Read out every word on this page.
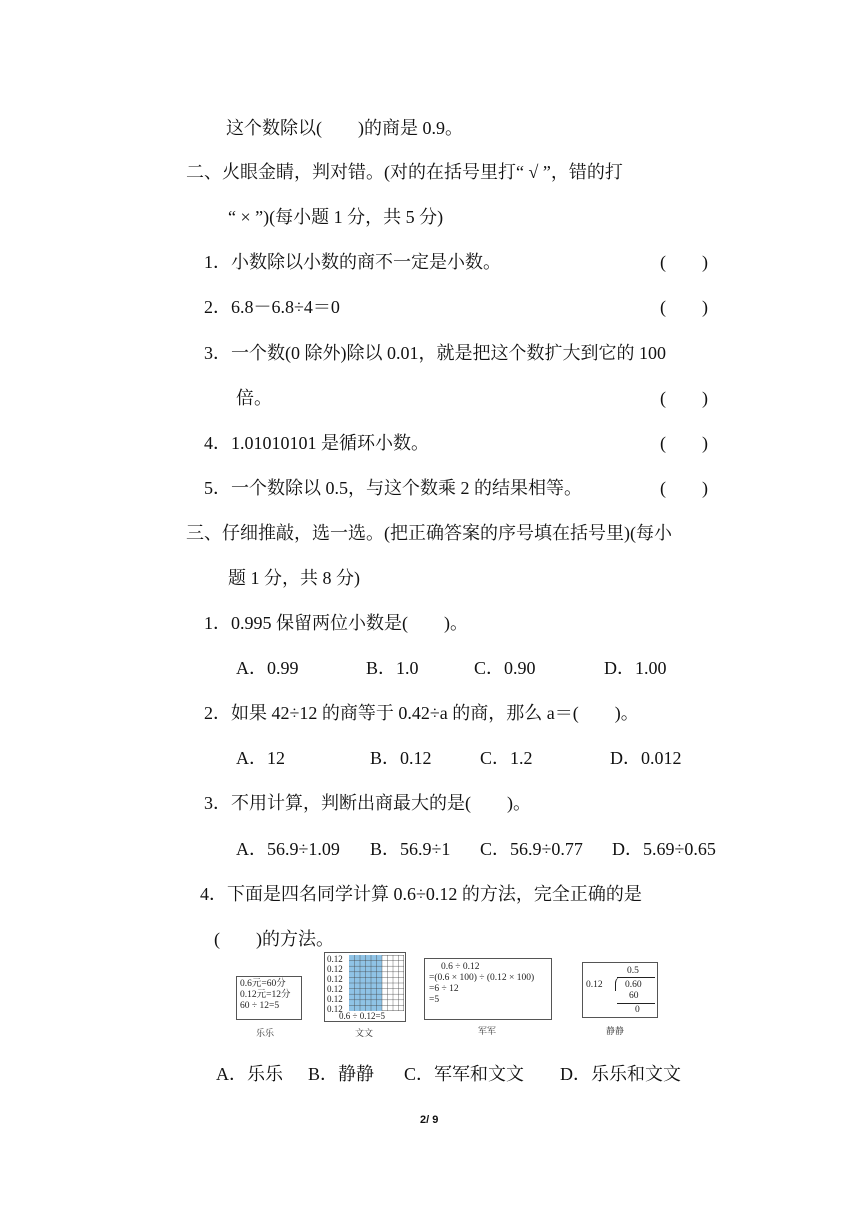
这个数除以(　　)的商是 0.9。
二、火眼金睛，判对错。(对的在括号里打“ √ ”，错的打
“ × ”)(每小题 1 分，共 5 分)
1．小数除以小数的商不一定是小数。	(　　)
2．6.8－6.8÷4＝0	(　　)
3．一个数(0 除外)除以 0.01，就是把这个数扩大到它的 100
倍。	(　　)
4．1.01010101 是循环小数。	(　　)
5．一个数除以 0.5，与这个数乘 2 的结果相等。	(　　)
三、仔细推敲，选一选。(把正确答案的序号填在括号里)(每小
题 1 分，共 8 分)
1．0.995 保留两位小数是(　　)。
A．0.99	B．1.0	C．0.90	D．1.00
2．如果 42÷12 的商等于 0.42÷a 的商，那么 a＝(　　)。
A．12	B．0.12	C．1.2	D．0.012
3．不用计算，判断出商最大的是(　　)。
A．56.9÷1.09 B．56.9÷1 C．56.9÷0.77 D．5.69÷0.65
4．下面是四名同学计算 0.6÷0.12 的方法，完全正确的是
(　　)的方法。
0.6元=60分
0.12元=12分
60 ÷ 12=5
乐乐
0.12
0.12
0.12
0.12
0.12
0.12
0.6 ÷ 0.12=5
文文
0.6 ÷ 0.12
=(0.6 × 100) ÷ (0.12 × 100)
=6 ÷ 12
=5
军军
0.5
0.12 0.60
60
0
静静
A．乐乐 B．静静 C．军军和文文 D．乐乐和文文
2/ 9
